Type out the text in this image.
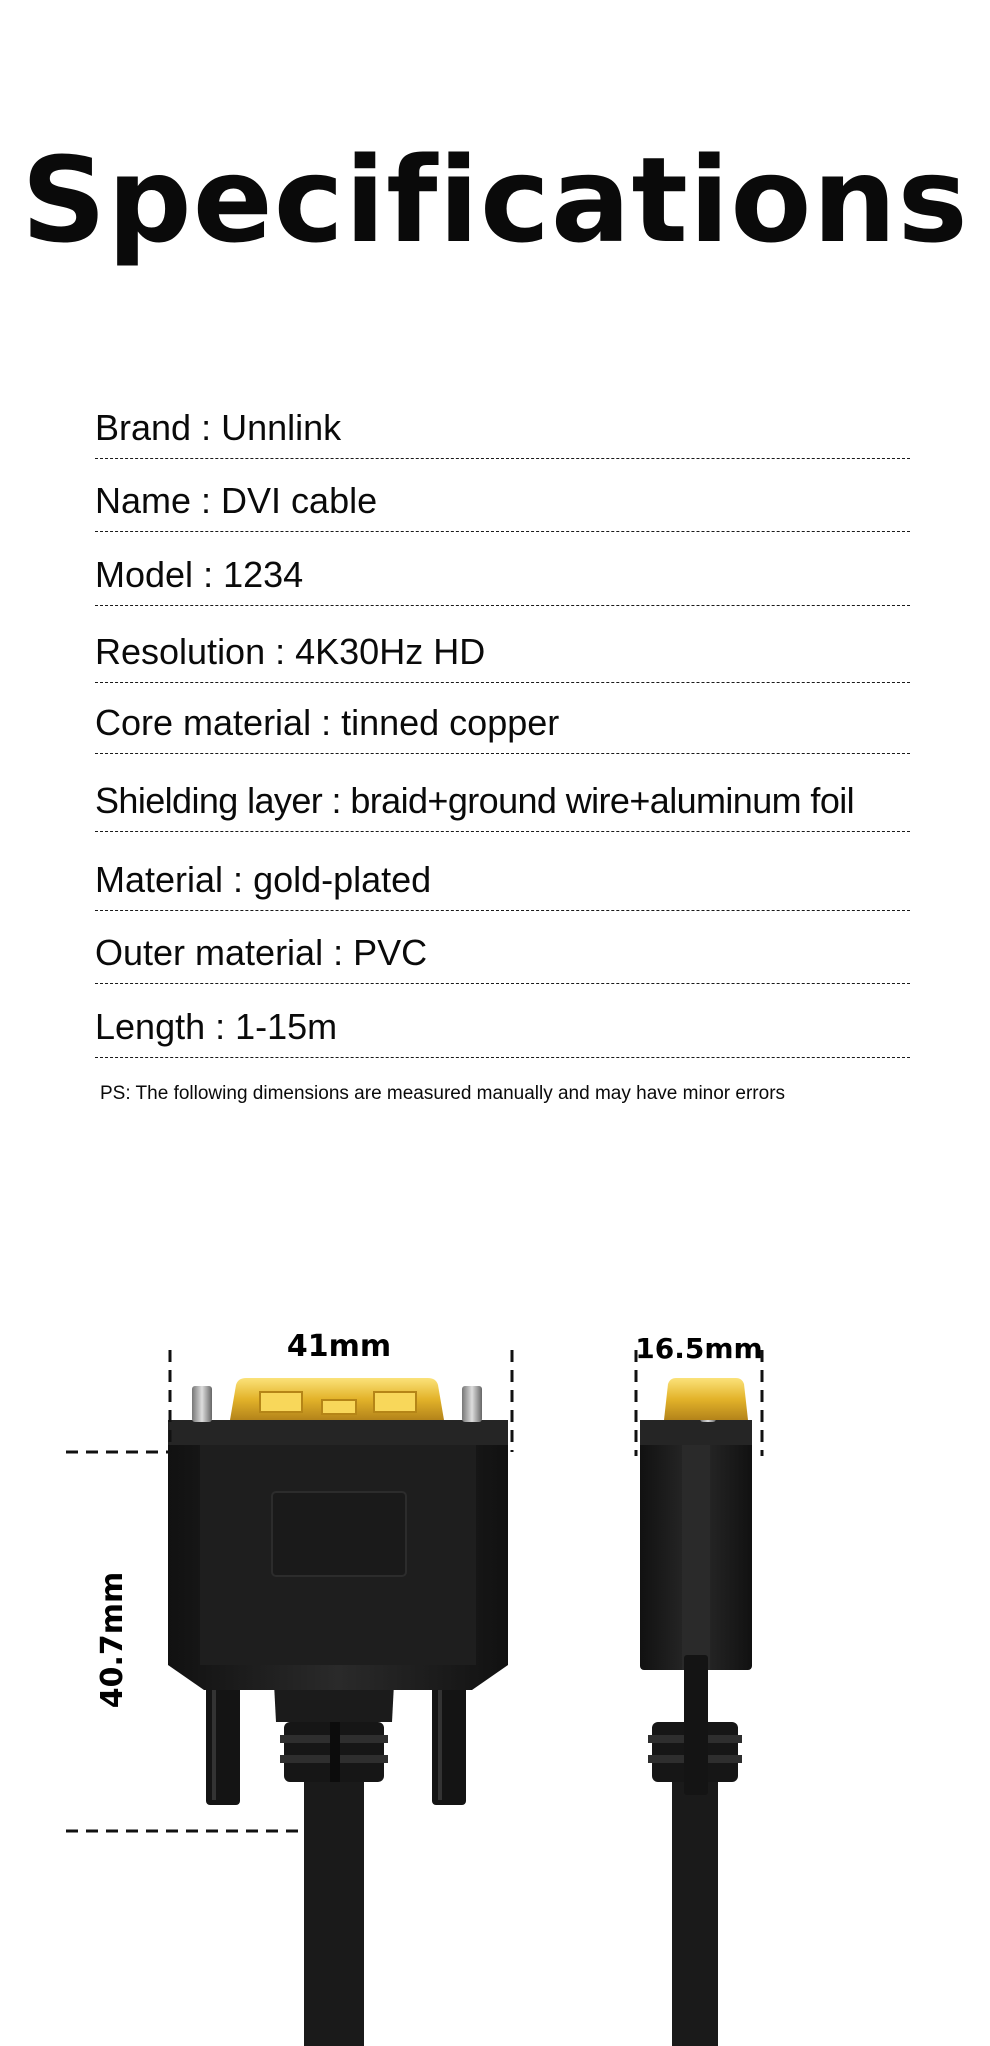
Specifications
Brand : Unnlink
Name : DVI cable
Model : 1234
Resolution : 4K30Hz HD
Core material : tinned copper
Shielding layer : braid+ground wire+aluminum foil
Material : gold-plated
Outer material : PVC
Length : 1-15m
PS: The following dimensions are measured manually and may have minor errors
41mm	16.5mm
40.7mm
